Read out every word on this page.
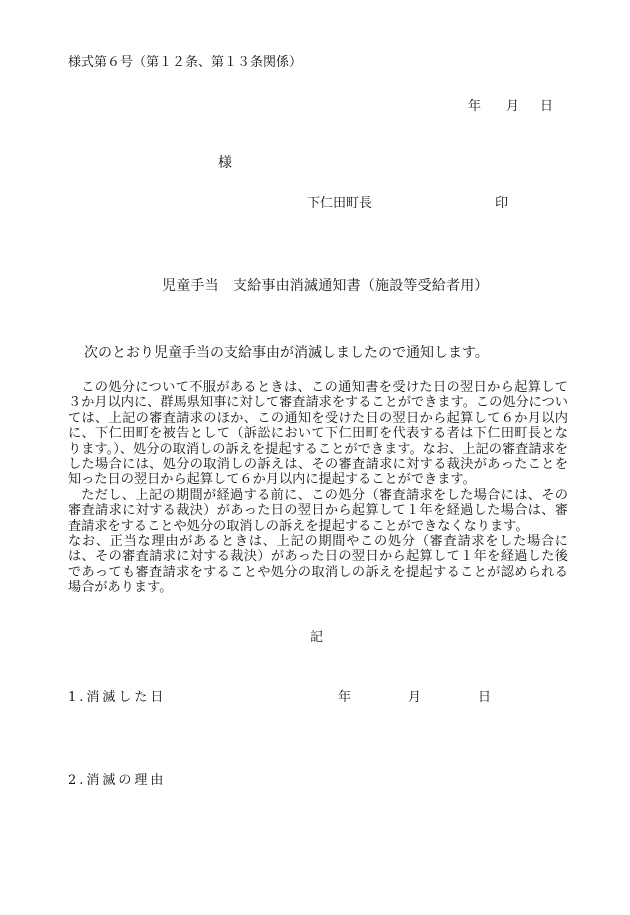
様式第６号（第１２条、第１３条関係）
年 月 日
様
下仁田町長	印
児童手当　支給事由消滅通知書（施設等受給者用）
次のとおり児童手当の支給事由が消滅しましたので通知します。

この処分について不服があるときは、この通知書を受けた日の翌日から起算して３か月以内に、群馬県知事に対して審査請求をすることができます。この処分については、上記の審査請求のほか、この通知を受けた日の翌日から起算して６か月以内に、下仁田町を被告として（訴訟において下仁田町を代表する者は下仁田町長となります。）、処分の取消しの訴えを提起することができます。なお、上記の審査請求をした場合には、処分の取消しの訴えは、その審査請求に対する裁決があったことを知った日の翌日から起算して６か月以内に提起することができます。

ただし、上記の期間が経過する前に、この処分（審査請求をした場合には、その審査請求に対する裁決）があった日の翌日から起算して１年を経過した場合は、審査請求をすることや処分の取消しの訴えを提起することができなくなります。

なお、正当な理由があるときは、上記の期間やこの処分（審査請求をした場合には、その審査請求に対する裁決）があった日の翌日から起算して１年を経過した後であっても審査請求をすることや処分の取消しの訴えを提起することが認められる場合があります。

記
1.消滅した日	年	月	日
2.消滅の理由
